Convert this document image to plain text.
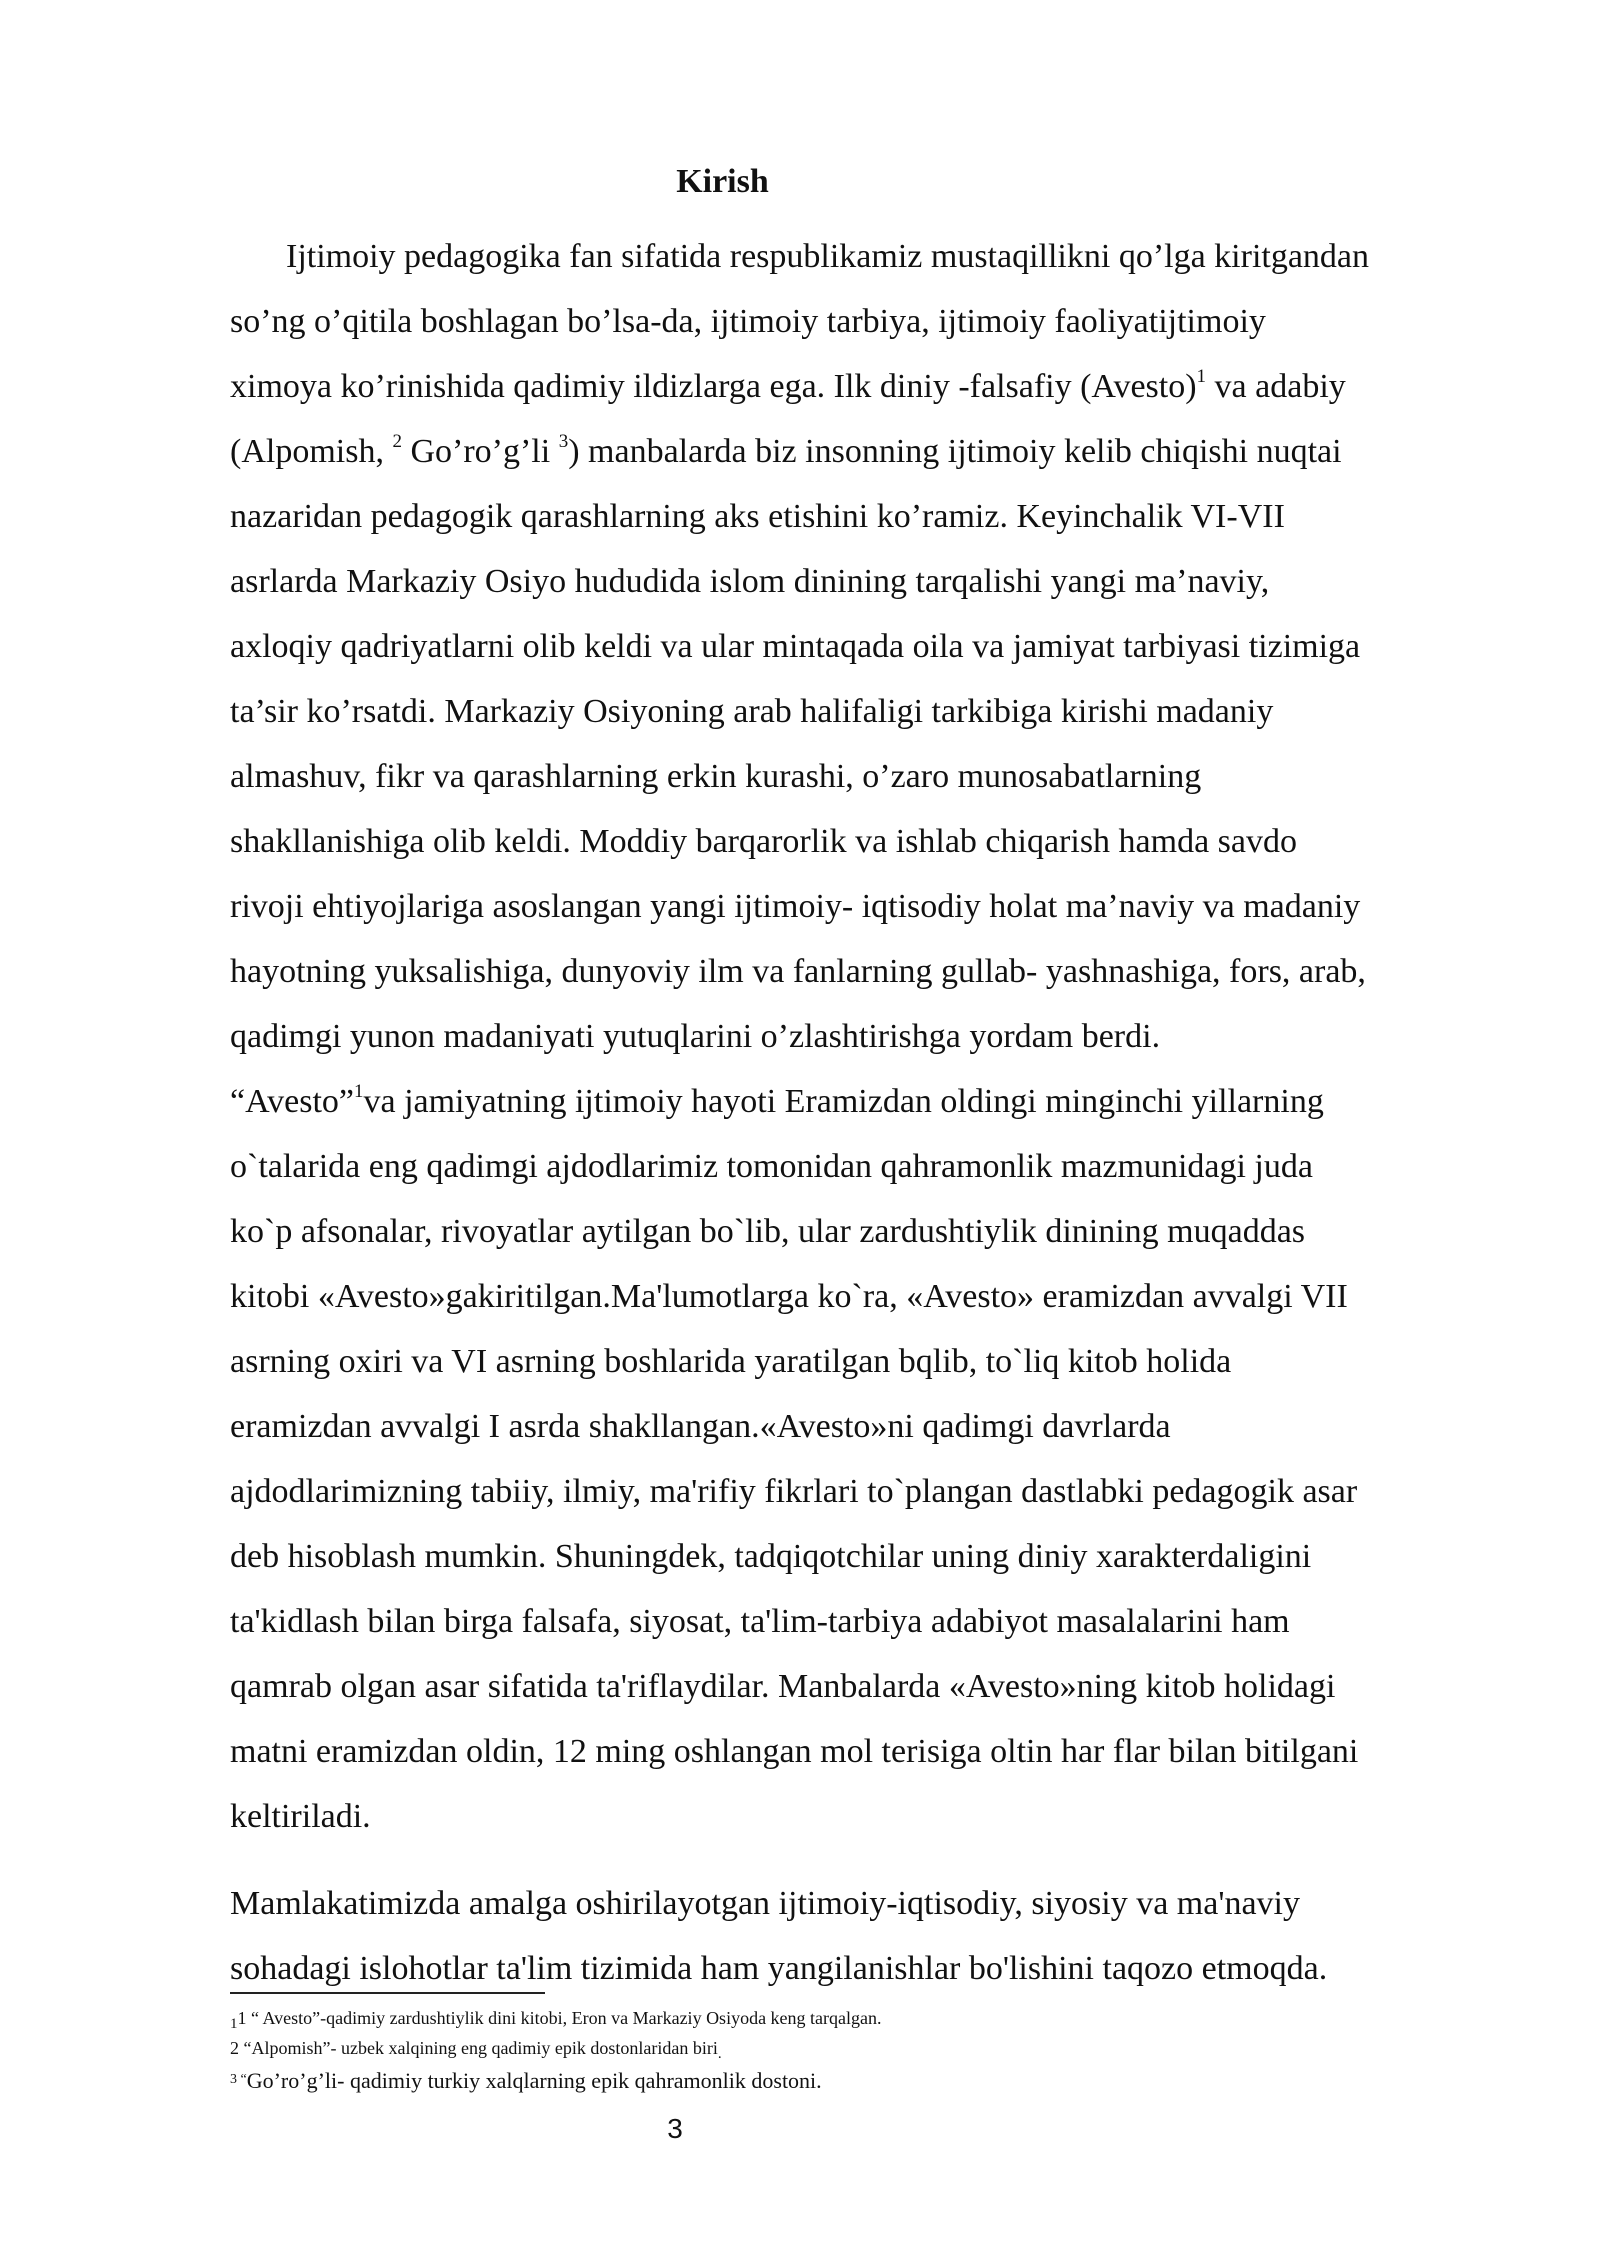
Kirish
Ijtimoiy pedagogika fan sifatida respublikamiz mustaqillikni qo’lga kiritgandan
so’ng o’qitila boshlagan bo’lsa-da, ijtimoiy tarbiya, ijtimoiy faoliyatijtimoiy
ximoya ko’rinishida qadimiy ildizlarga ega. Ilk diniy -falsafiy (Avesto)$^1$ va adabiy
(Alpomish, $^2$ Go’ro’g’li $^3$) manbalarda biz insonning ijtimoiy kelib chiqishi nuqtai
nazaridan pedagogik qarashlarning aks etishini ko’ramiz. Keyinchalik VI-VII
asrlarda Markaziy Osiyo hududida islom dinining tarqalishi yangi ma’naviy,
axloqiy qadriyatlarni olib keldi va ular mintaqada oila va jamiyat tarbiyasi tizimiga
ta’sir ko’rsatdi. Markaziy Osiyoning arab halifaligi tarkibiga kirishi madaniy
almashuv, fikr va qarashlarning erkin kurashi, o’zaro munosabatlarning
shakllanishiga olib keldi. Moddiy barqarorlik va ishlab chiqarish hamda savdo
rivoji ehtiyojlariga asoslangan yangi ijtimoiy- iqtisodiy holat ma’naviy va madaniy
hayotning yuksalishiga, dunyoviy ilm va fanlarning gullab- yashnashiga, fors, arab,
qadimgi yunon madaniyati yutuqlarini o’zlashtirishga yordam berdi.
“Avesto”$^1$va jamiyatning ijtimoiy hayoti Eramizdan oldingi minginchi yillarning
o`talarida eng qadimgi ajdodlarimiz tomonidan qahramonlik mazmunidagi juda
ko`p afsonalar, rivoyatlar aytilgan bo`lib, ular zardushtiylik dinining muqaddas
kitobi «Avesto»gakiritilgan.Ma'lumotlarga ko`ra, «Avesto» eramizdan avvalgi VII
asrning oxiri va VI asrning boshlarida yaratilgan bqlib, to`liq kitob holida
eramizdan avvalgi I asrda shakllangan.«Avesto»ni qadimgi davrlarda
ajdodlarimizning tabiiy, ilmiy, ma'rifiy fikrlari to`plangan dastlabki pedagogik asar
deb hisoblash mumkin. Shuningdek, tadqiqotchilar uning diniy xarakterdaligini
ta'kidlash bilan birga falsafa, siyosat, ta'lim-tarbiya adabiyot masalalarini ham
qamrab olgan asar sifatida ta'riflaydilar. Manbalarda «Avesto»ning kitob holidagi
matni eramizdan oldin, 12 ming oshlangan mol terisiga oltin har flar bilan bitilgani
keltiriladi.
Mamlakatimizda amalga oshirilayotgan ijtimoiy-iqtisodiy, siyosiy va ma'naviy
sohadagi islohotlar ta'lim tizimida ham yangilanishlar bo'lishini taqozo etmoqda.
$_1$1 “ Avesto”-qadimiy zardushtiylik dini kitobi, Eron va Markaziy Osiyoda keng tarqalgan.
2 “Alpomish”- uzbek xalqining eng qadimiy epik dostonlaridan biri$_.$
$^{3 “}$Go’ro’g’li- qadimiy turkiy xalqlarning epik qahramonlik dostoni.
3
